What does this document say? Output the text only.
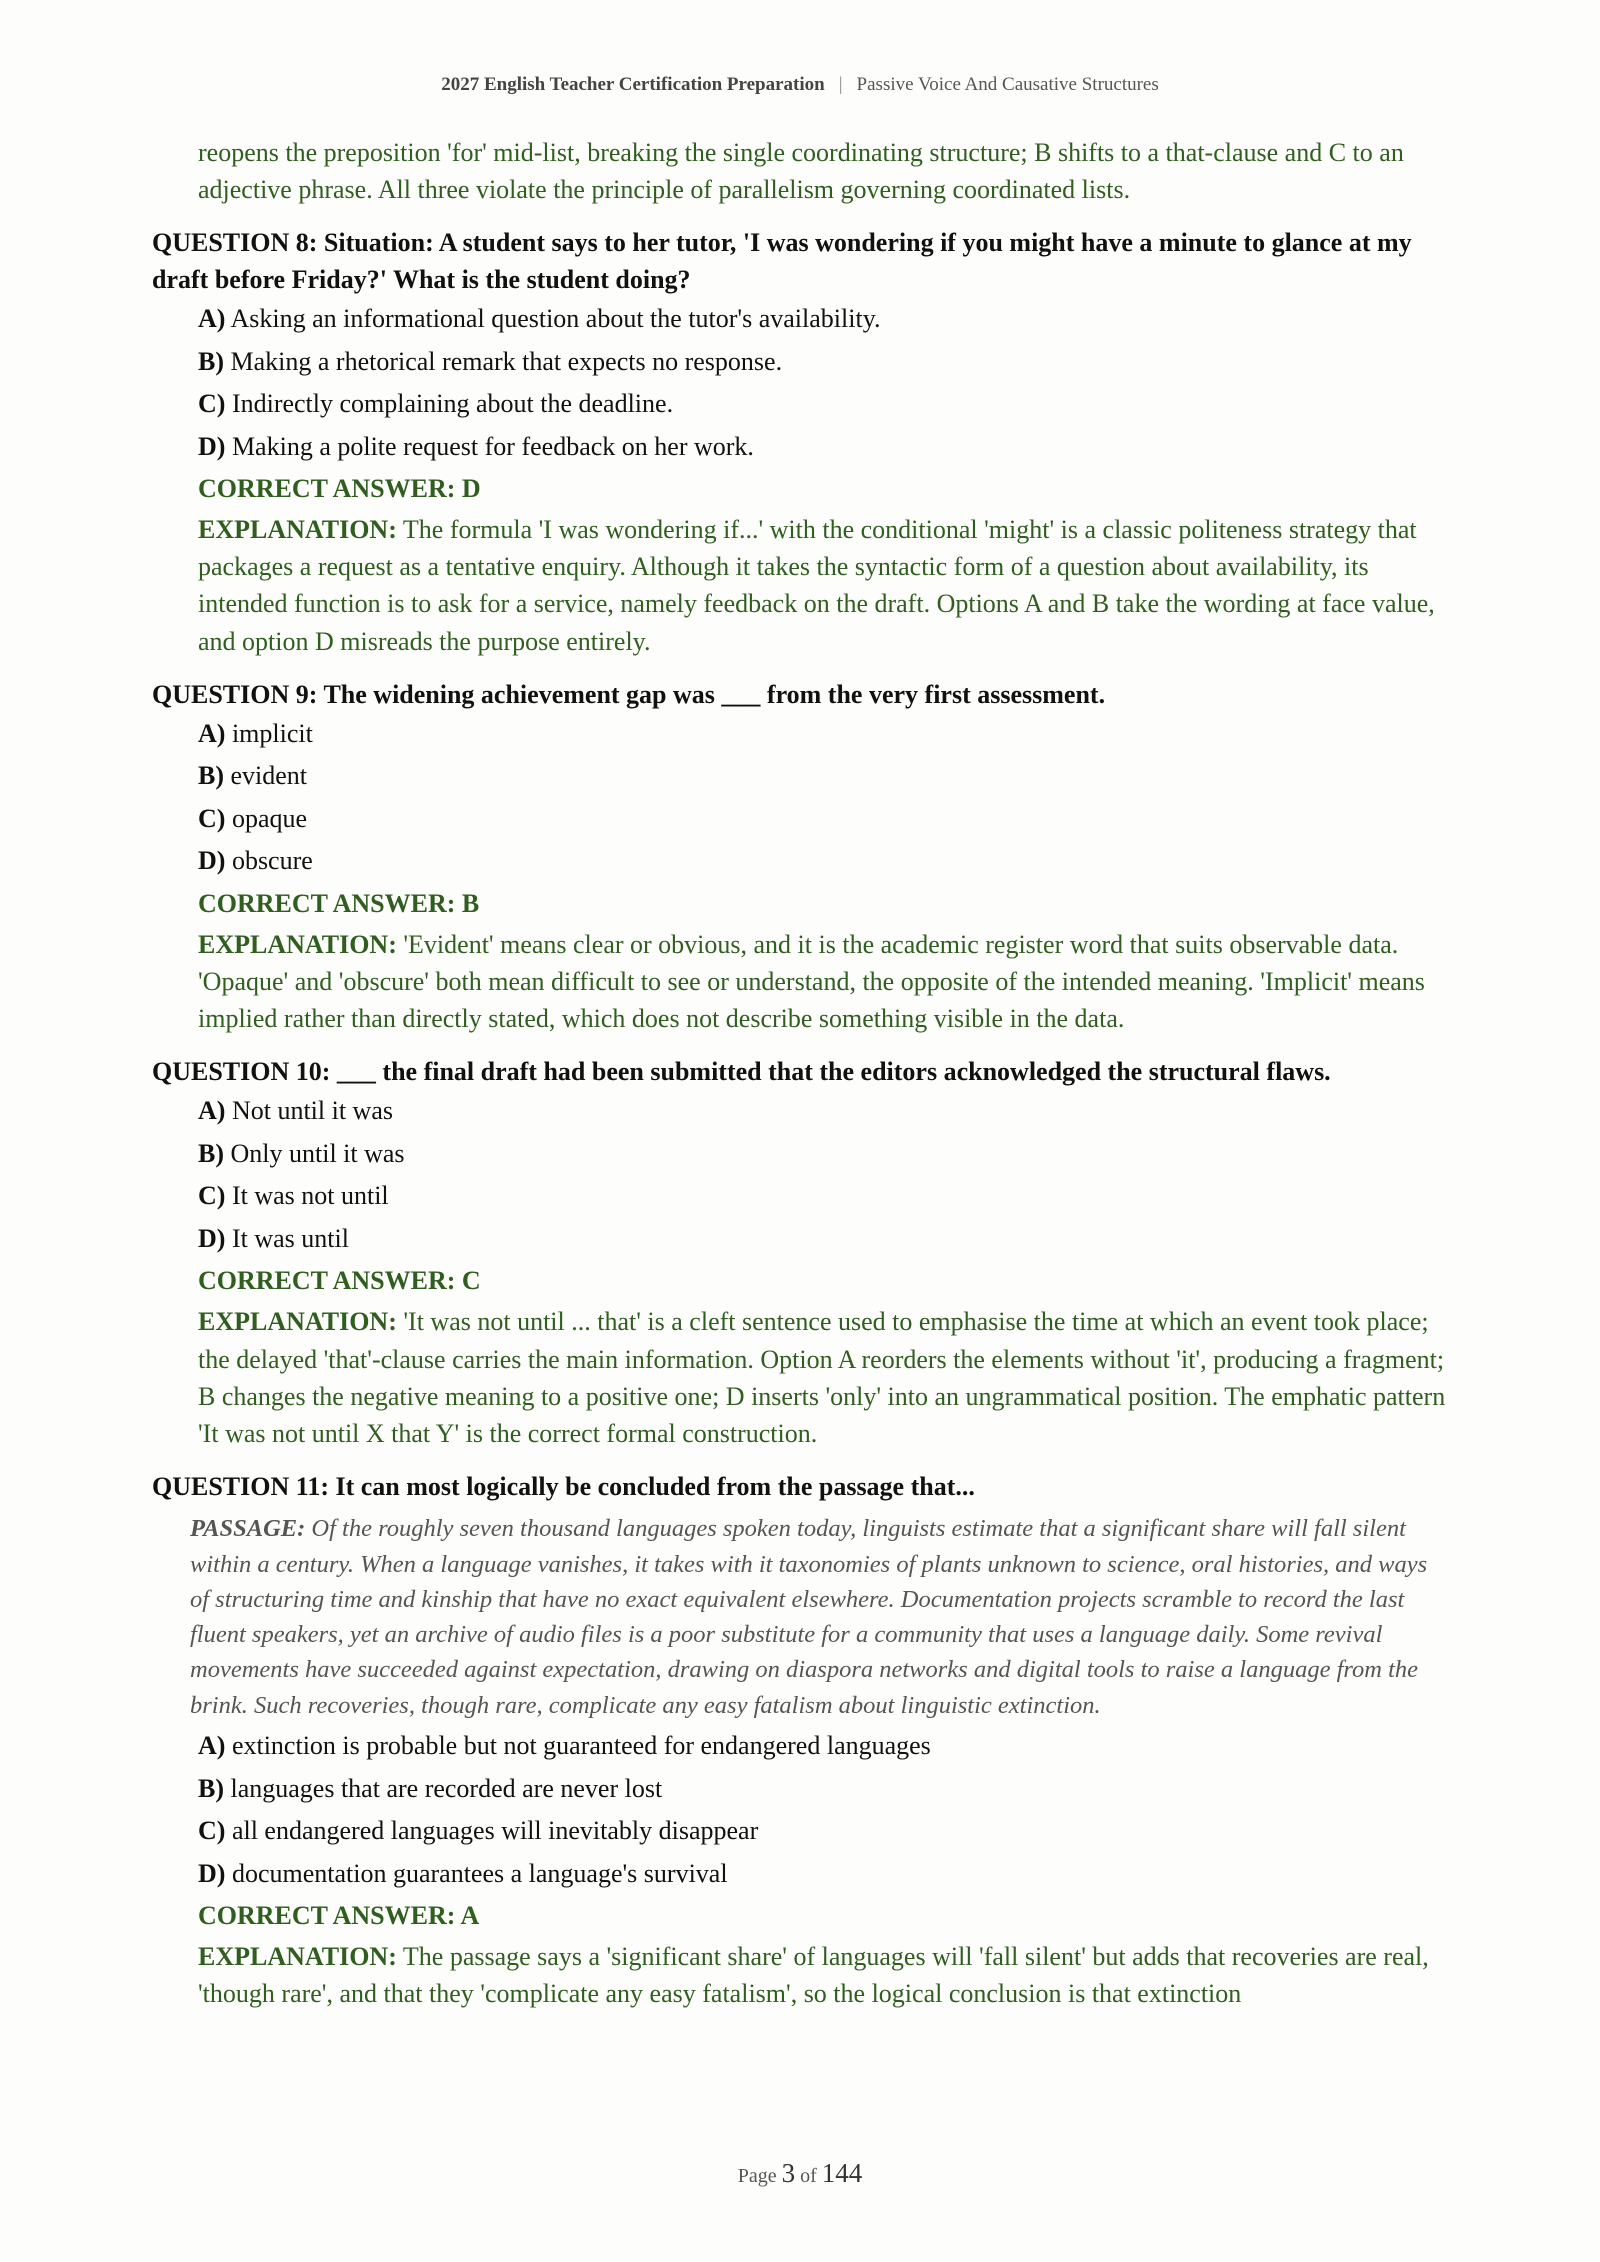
2027 English Teacher Certification Preparation | Passive Voice And Causative Structures
reopens the preposition 'for' mid-list, breaking the single coordinating structure; B shifts to a that-clause and C to an adjective phrase. All three violate the principle of parallelism governing coordinated lists.
QUESTION 8: Situation: A student says to her tutor, 'I was wondering if you might have a minute to glance at my draft before Friday?' What is the student doing?
A) Asking an informational question about the tutor's availability.
B) Making a rhetorical remark that expects no response.
C) Indirectly complaining about the deadline.
D) Making a polite request for feedback on her work.
CORRECT ANSWER: D
EXPLANATION: The formula 'I was wondering if...' with the conditional 'might' is a classic politeness strategy that packages a request as a tentative enquiry. Although it takes the syntactic form of a question about availability, its intended function is to ask for a service, namely feedback on the draft. Options A and B take the wording at face value, and option D misreads the purpose entirely.
QUESTION 9: The widening achievement gap was ___ from the very first assessment.
A) implicit
B) evident
C) opaque
D) obscure
CORRECT ANSWER: B
EXPLANATION: 'Evident' means clear or obvious, and it is the academic register word that suits observable data. 'Opaque' and 'obscure' both mean difficult to see or understand, the opposite of the intended meaning. 'Implicit' means implied rather than directly stated, which does not describe something visible in the data.
QUESTION 10: ___ the final draft had been submitted that the editors acknowledged the structural flaws.
A) Not until it was
B) Only until it was
C) It was not until
D) It was until
CORRECT ANSWER: C
EXPLANATION: 'It was not until ... that' is a cleft sentence used to emphasise the time at which an event took place; the delayed 'that'-clause carries the main information. Option A reorders the elements without 'it', producing a fragment; B changes the negative meaning to a positive one; D inserts 'only' into an ungrammatical position. The emphatic pattern 'It was not until X that Y' is the correct formal construction.
QUESTION 11: It can most logically be concluded from the passage that...
PASSAGE: Of the roughly seven thousand languages spoken today, linguists estimate that a significant share will fall silent within a century. When a language vanishes, it takes with it taxonomies of plants unknown to science, oral histories, and ways of structuring time and kinship that have no exact equivalent elsewhere. Documentation projects scramble to record the last fluent speakers, yet an archive of audio files is a poor substitute for a community that uses a language daily. Some revival movements have succeeded against expectation, drawing on diaspora networks and digital tools to raise a language from the brink. Such recoveries, though rare, complicate any easy fatalism about linguistic extinction.
A) extinction is probable but not guaranteed for endangered languages
B) languages that are recorded are never lost
C) all endangered languages will inevitably disappear
D) documentation guarantees a language's survival
CORRECT ANSWER: A
EXPLANATION: The passage says a 'significant share' of languages will 'fall silent' but adds that recoveries are real, 'though rare', and that they 'complicate any easy fatalism', so the logical conclusion is that extinction
Page 3 of 144
